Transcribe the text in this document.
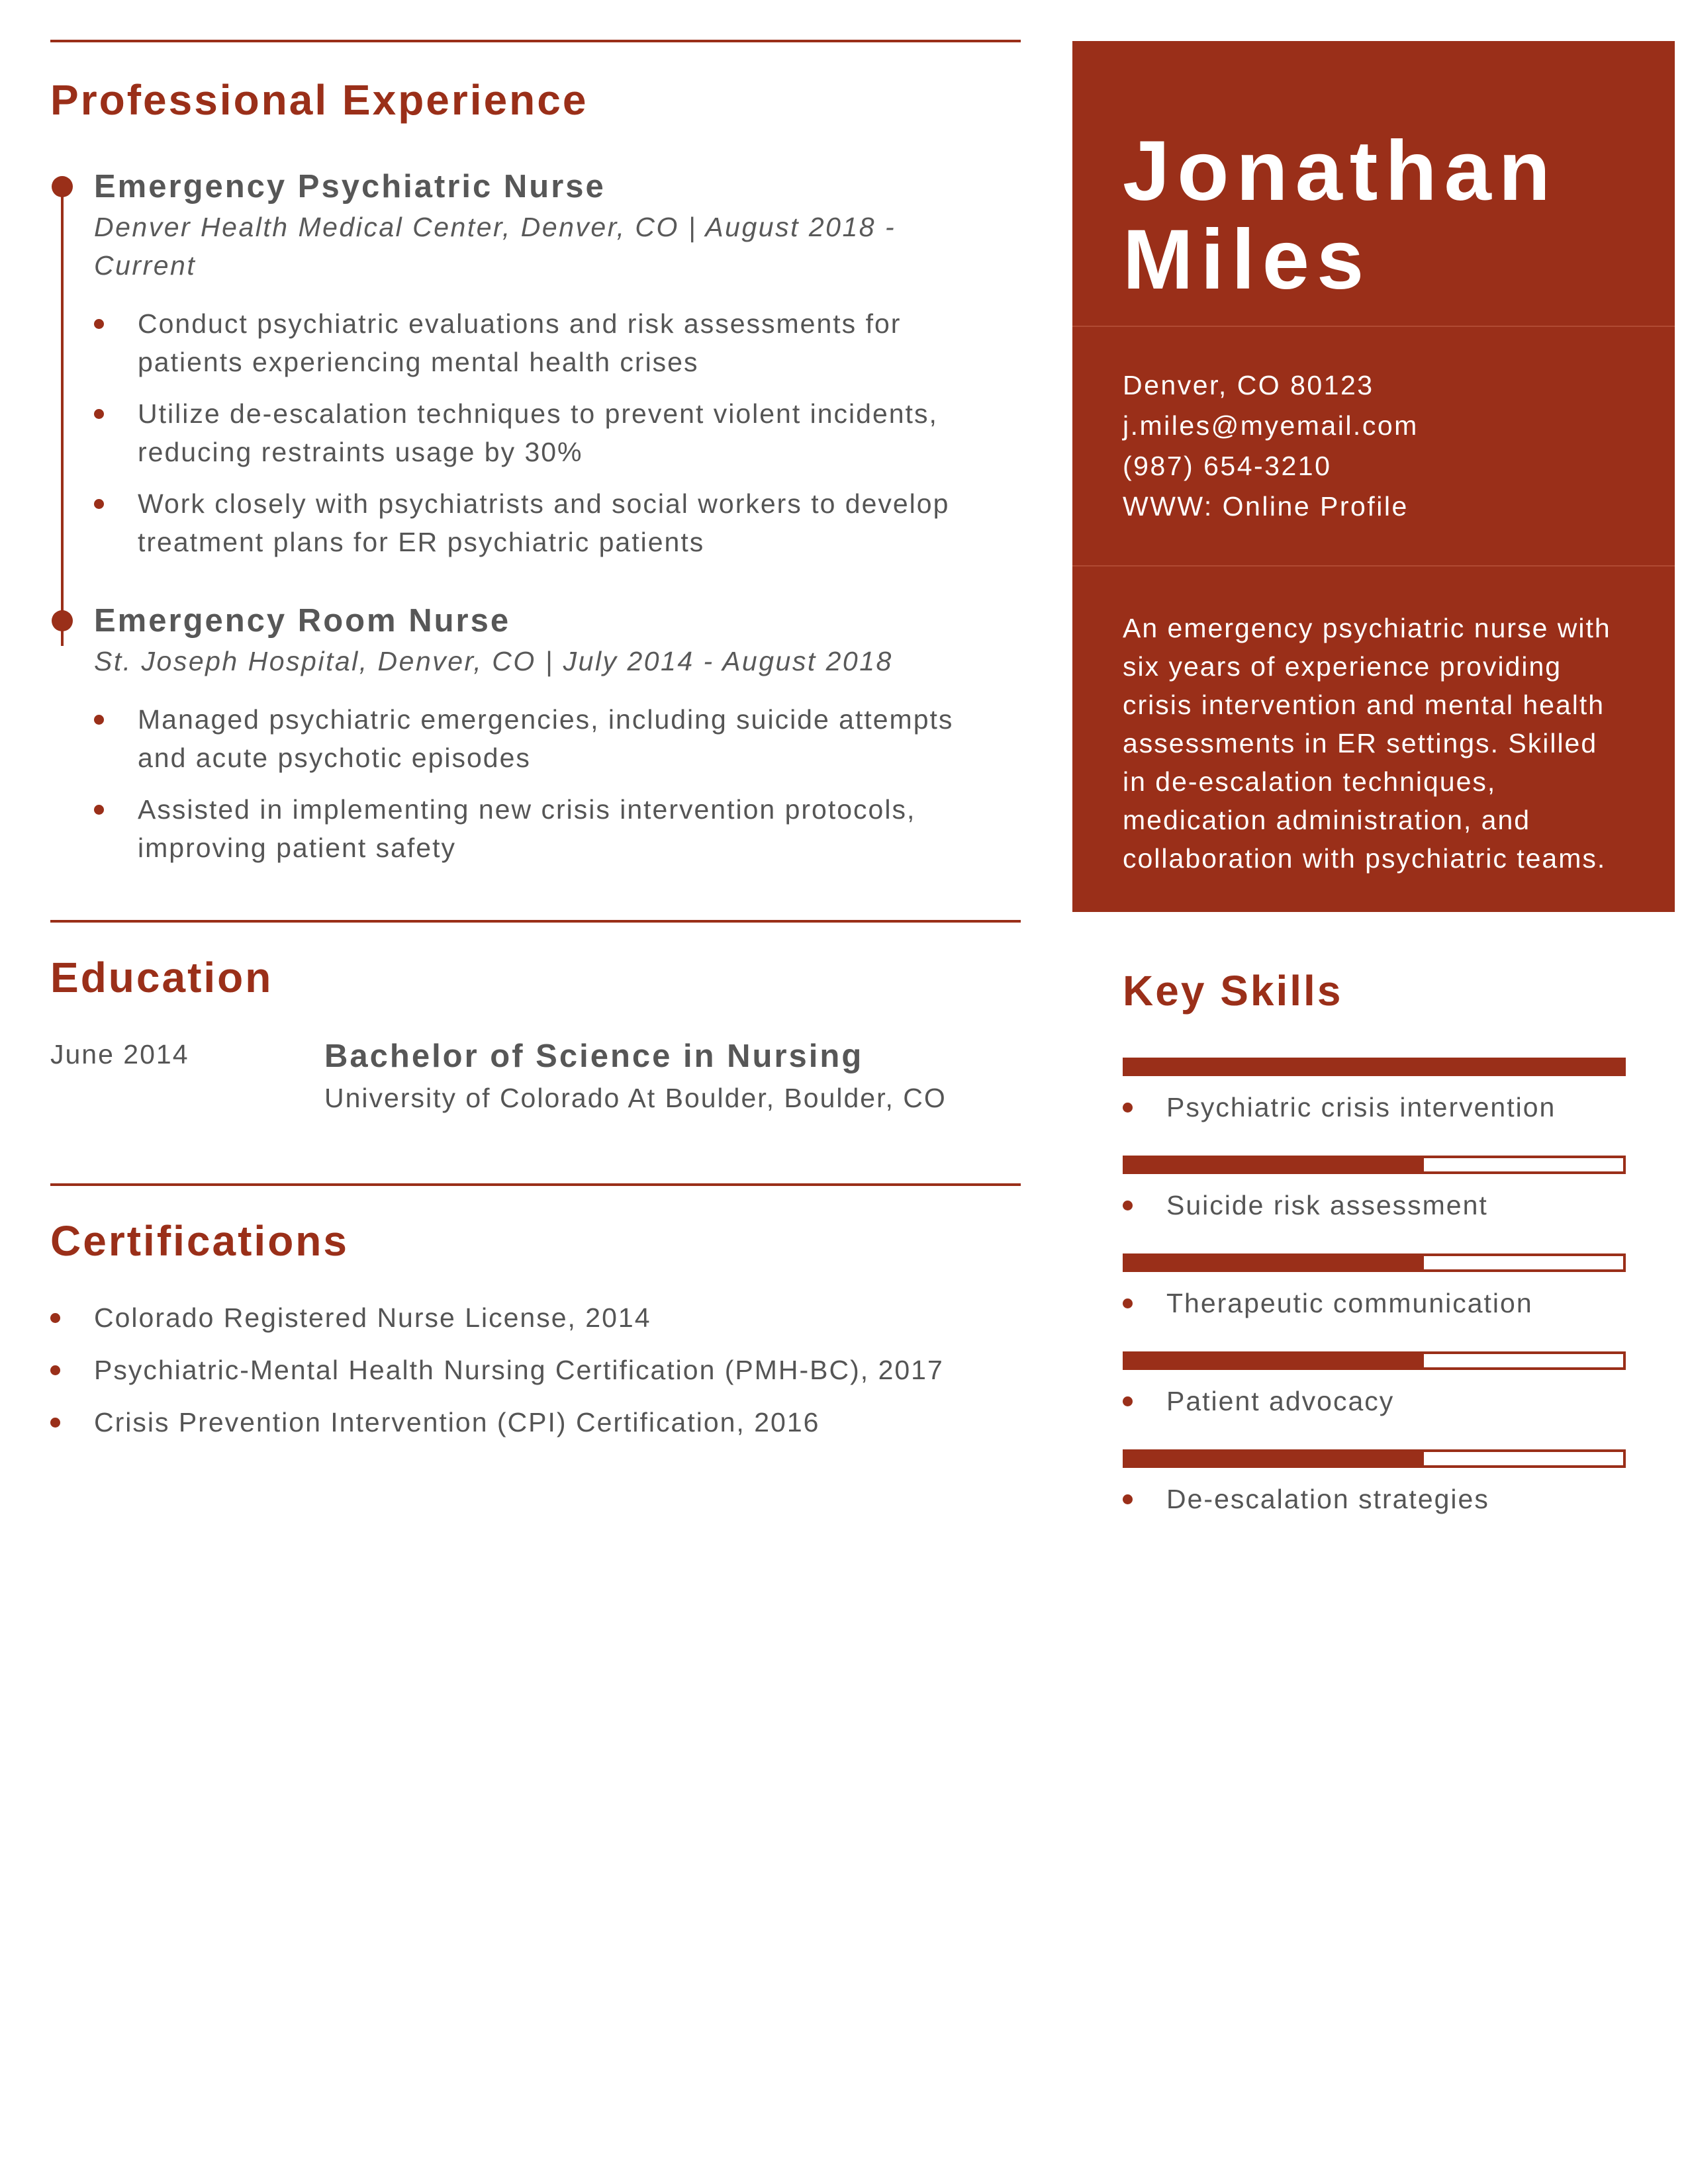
Professional Experience
Emergency Psychiatric Nurse
Denver Health Medical Center, Denver, CO | August 2018 - Current
Conduct psychiatric evaluations and risk assessments for patients experiencing mental health crises
Utilize de-escalation techniques to prevent violent incidents, reducing restraints usage by 30%
Work closely with psychiatrists and social workers to develop treatment plans for ER psychiatric patients
Emergency Room Nurse
St. Joseph Hospital, Denver, CO | July 2014 - August 2018
Managed psychiatric emergencies, including suicide attempts and acute psychotic episodes
Assisted in implementing new crisis intervention protocols, improving patient safety
Education
June 2014	Bachelor of Science in Nursing
University of Colorado At Boulder, Boulder, CO
Certifications
Colorado Registered Nurse License, 2014
Psychiatric-Mental Health Nursing Certification (PMH-BC), 2017
Crisis Prevention Intervention (CPI) Certification, 2016
Jonathan
Miles
Denver, CO 80123
j.miles@myemail.com
(987) 654-3210
WWW: Online Profile

An emergency psychiatric nurse with six years of experience providing crisis intervention and mental health assessments in ER settings. Skilled in de-escalation techniques, medication administration, and collaboration with psychiatric teams.

Key Skills
Psychiatric crisis intervention
Suicide risk assessment
Therapeutic communication
Patient advocacy
De-escalation strategies
